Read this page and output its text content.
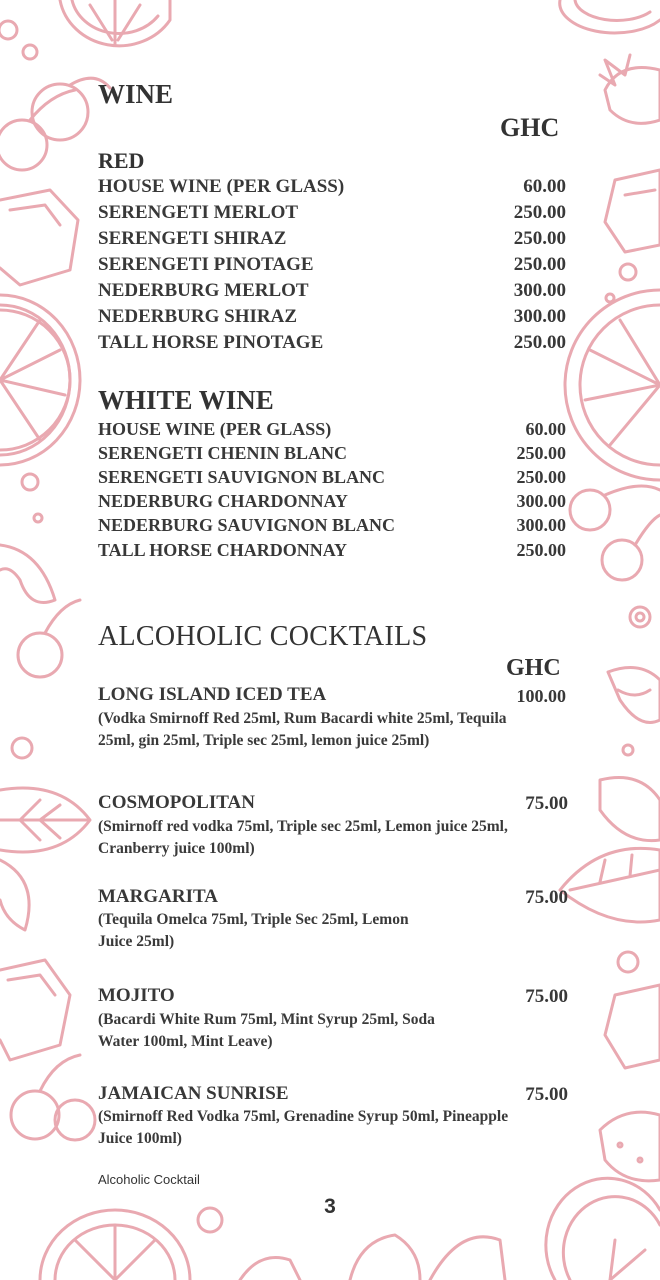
WINE
GHC
RED
HOUSE WINE (PER GLASS)	60.00
SERENGETI MERLOT	250.00
SERENGETI SHIRAZ	250.00
SERENGETI PINOTAGE	250.00
NEDERBURG MERLOT	300.00
NEDERBURG SHIRAZ	300.00
TALL HORSE PINOTAGE	250.00
WHITE WINE
HOUSE WINE (PER GLASS)	60.00
SERENGETI CHENIN BLANC	250.00
SERENGETI SAUVIGNON BLANC	250.00
NEDERBURG CHARDONNAY	300.00
NEDERBURG SAUVIGNON BLANC	300.00
TALL HORSE CHARDONNAY	250.00
ALCOHOLIC COCKTAILS
GHC
LONG ISLAND ICED TEA	100.00
(Vodka Smirnoff Red 25ml, Rum Bacardi white 25ml, Tequila 25ml, gin 25ml, Triple sec 25ml, lemon juice 25ml)
COSMOPOLITAN	75.00
(Smirnoff red vodka 75ml, Triple sec 25ml, Lemon juice 25ml, Cranberry juice 100ml)
MARGARITA	75.00
(Tequila Omelca 75ml, Triple Sec 25ml, Lemon Juice 25ml)
MOJITO	75.00
(Bacardi White Rum 75ml, Mint Syrup 25ml, Soda Water 100ml, Mint Leave)
JAMAICAN SUNRISE	75.00
(Smirnoff Red Vodka 75ml, Grenadine Syrup 50ml, Pineapple Juice 100ml)
Alcoholic Cocktail
3
